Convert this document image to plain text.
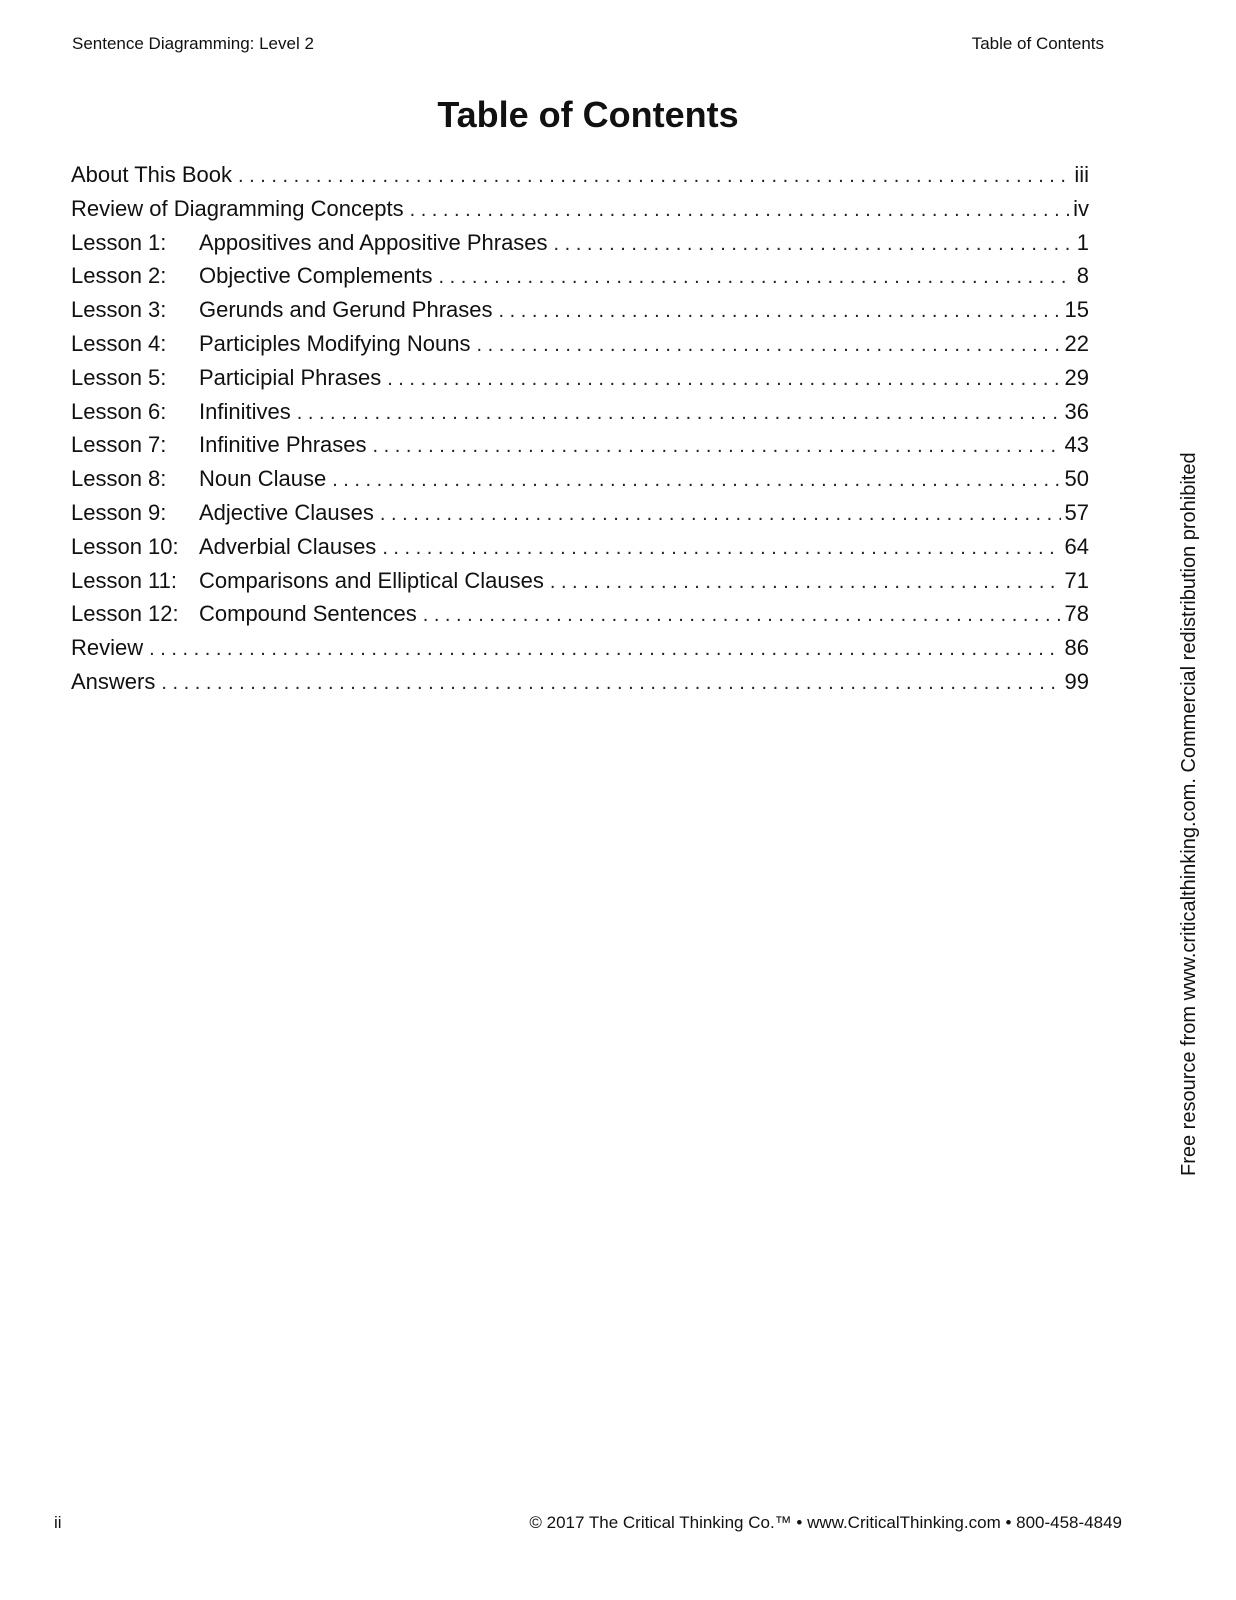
Sentence Diagramming: Level 2	Table of Contents
Table of Contents
About This Book . . .	iii
Review of Diagramming Concepts . . .	iv
Lesson 1:	Appositives and Appositive Phrases . . .	1
Lesson 2:	Objective Complements . . .	8
Lesson 3:	Gerunds and Gerund Phrases . . .	15
Lesson 4:	Participles Modifying Nouns . . .	22
Lesson 5:	Participial Phrases . . .	29
Lesson 6:	Infinitives . . .	36
Lesson 7:	Infinitive Phrases . . .	43
Lesson 8:	Noun Clause . . .	50
Lesson 9:	Adjective Clauses . . .	57
Lesson 10: Adverbial Clauses . . .	64
Lesson 11: Comparisons and Elliptical Clauses . . .	71
Lesson 12: Compound Sentences . . .	78
Review . . .	86
Answers . . .	99	Free resource from www.criticalthinking.com. Commercial redistribution prohibited
ii	© 2017 The Critical Thinking Co.™ • www.CriticalThinking.com • 800-458-4849
